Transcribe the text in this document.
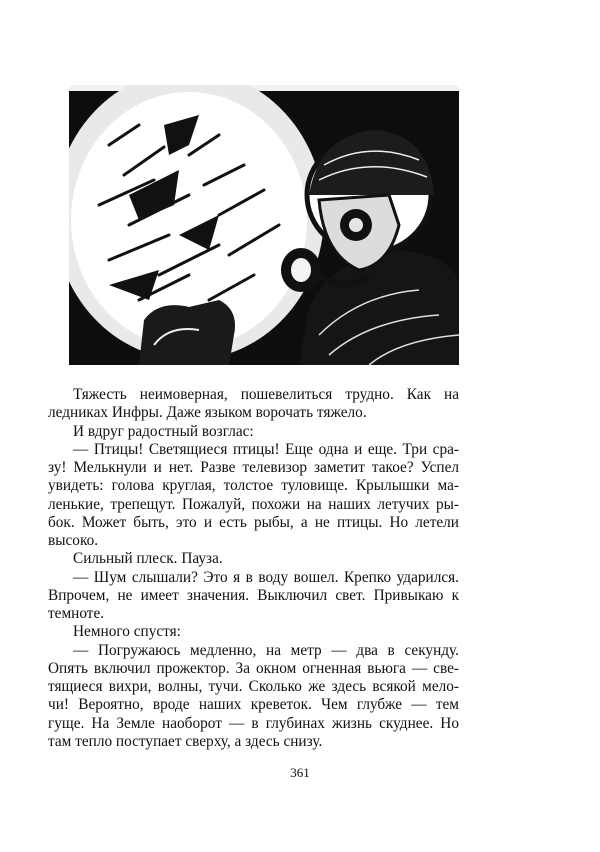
Тяжесть неимоверная, пошевелиться трудно. Как на
ледниках Инфры. Даже языком ворочать тяжело.

И вдруг радостный возглас:

— Птицы! Светящиеся птицы! Еще одна и еще. Три сра-
зу! Мелькнули и нет. Разве телевизор заметит такое? Успел
увидеть: голова круглая, толстое туловище. Крылышки ма-
ленькие, трепещут. Пожалуй, похожи на наших летучих ры-
бок. Может быть, это и есть рыбы, а не птицы. Но летели
высоко.

Сильный плеск. Пауза.

— Шум слышали? Это я в воду вошел. Крепко ударился.
Впрочем, не имеет значения. Выключил свет. Привыкаю к
темноте.

Немного спустя:

— Погружаюсь медленно, на метр — два в секунду.
Опять включил прожектор. За окном огненная вьюга — све-
тящиеся вихри, волны, тучи. Сколько же здесь всякой мело-
чи! Вероятно, вроде наших креветок. Чем глубже — тем
гуще. На Земле наоборот — в глубинах жизнь скуднее. Но
там тепло поступает сверху, а здесь снизу.

361
